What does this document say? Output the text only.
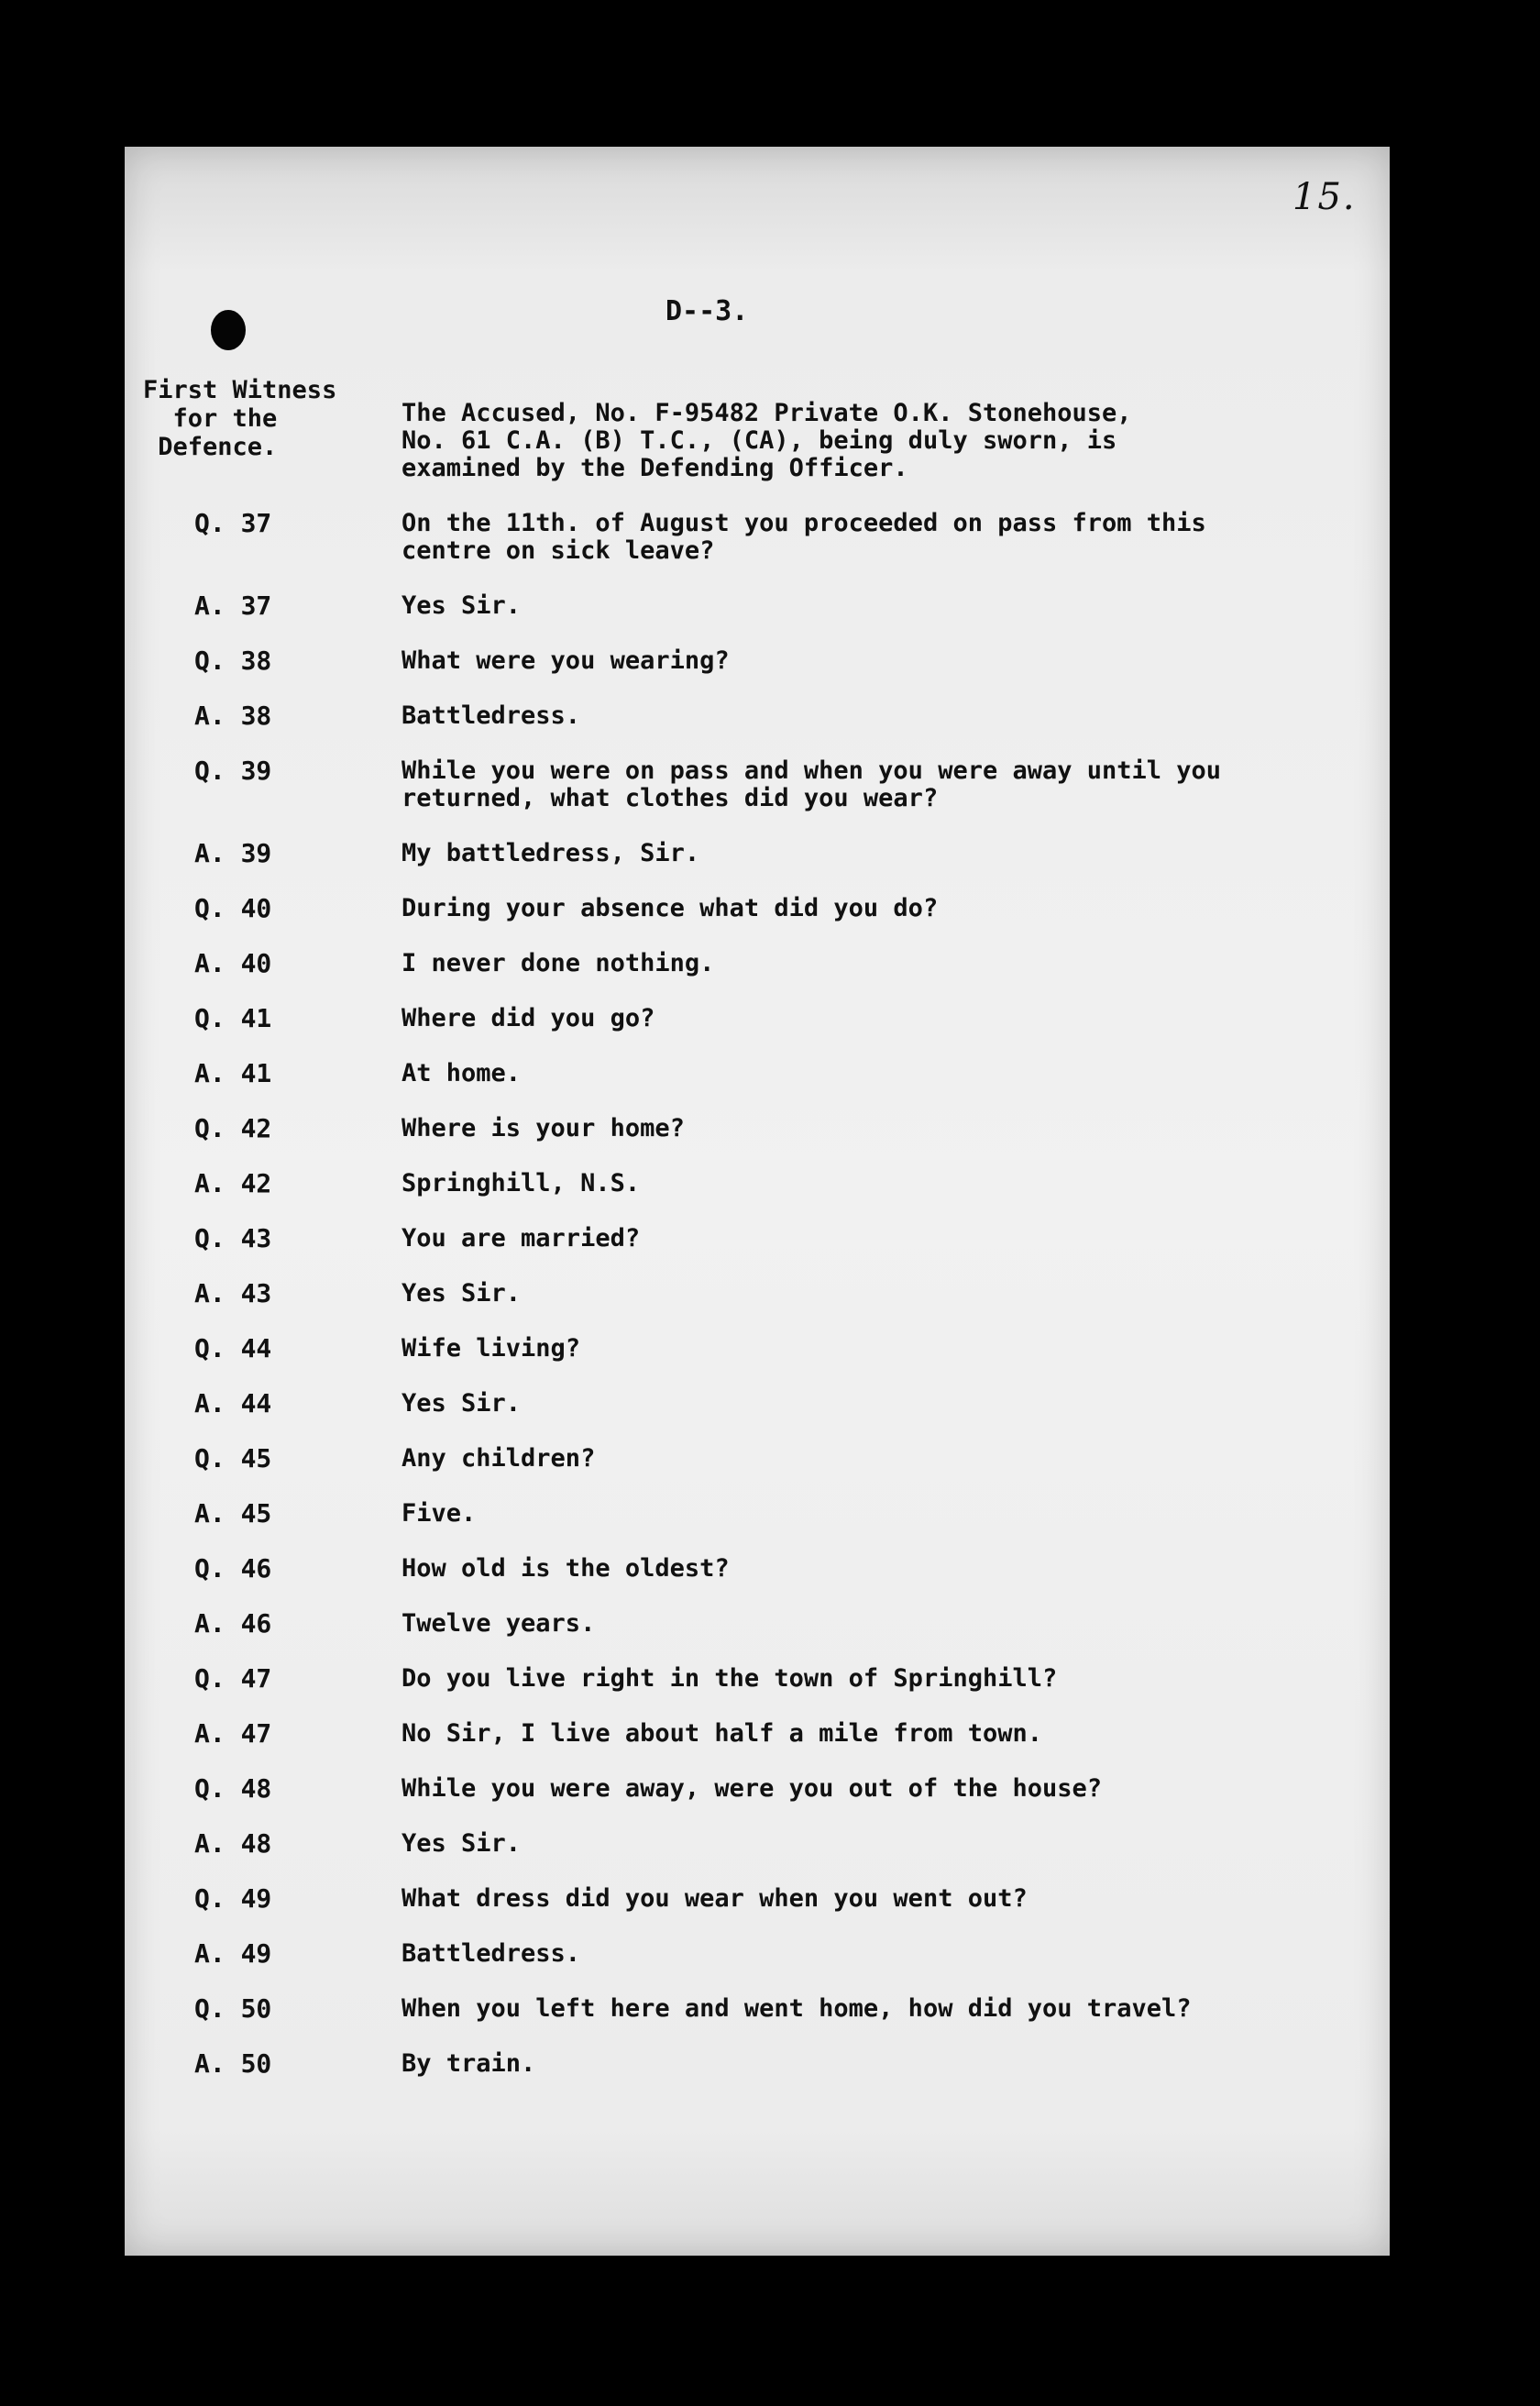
15.
D--3.
First Witness
for the
Defence.
The Accused, No. F-95482 Private O.K. Stonehouse,
No. 61 C.A. (B) T.C., (CA), being duly sworn, is
examined by the Defending Officer.
Q. 37	On the 11th. of August you proceeded on pass from this
centre on sick leave?
A. 37	Yes Sir.
Q. 38	What were you wearing?
A. 38	Battledress.
Q. 39	While you were on pass and when you were away until you
returned, what clothes did you wear?
A. 39	My battledress, Sir.
Q. 40	During your absence what did you do?
A. 40	I never done nothing.
Q. 41	Where did you go?
A. 41	At home.
Q. 42	Where is your home?
A. 42	Springhill, N.S.
Q. 43	You are married?
A. 43	Yes Sir.
Q. 44	Wife living?
A. 44	Yes Sir.
Q. 45	Any children?
A. 45	Five.
Q. 46	How old is the oldest?
A. 46	Twelve years.
Q. 47	Do you live right in the town of Springhill?
A. 47	No Sir, I live about half a mile from town.
Q. 48	While you were away, were you out of the house?
A. 48	Yes Sir.
Q. 49	What dress did you wear when you went out?
A. 49	Battledress.
Q. 50	When you left here and went home, how did you travel?
A. 50	By train.
